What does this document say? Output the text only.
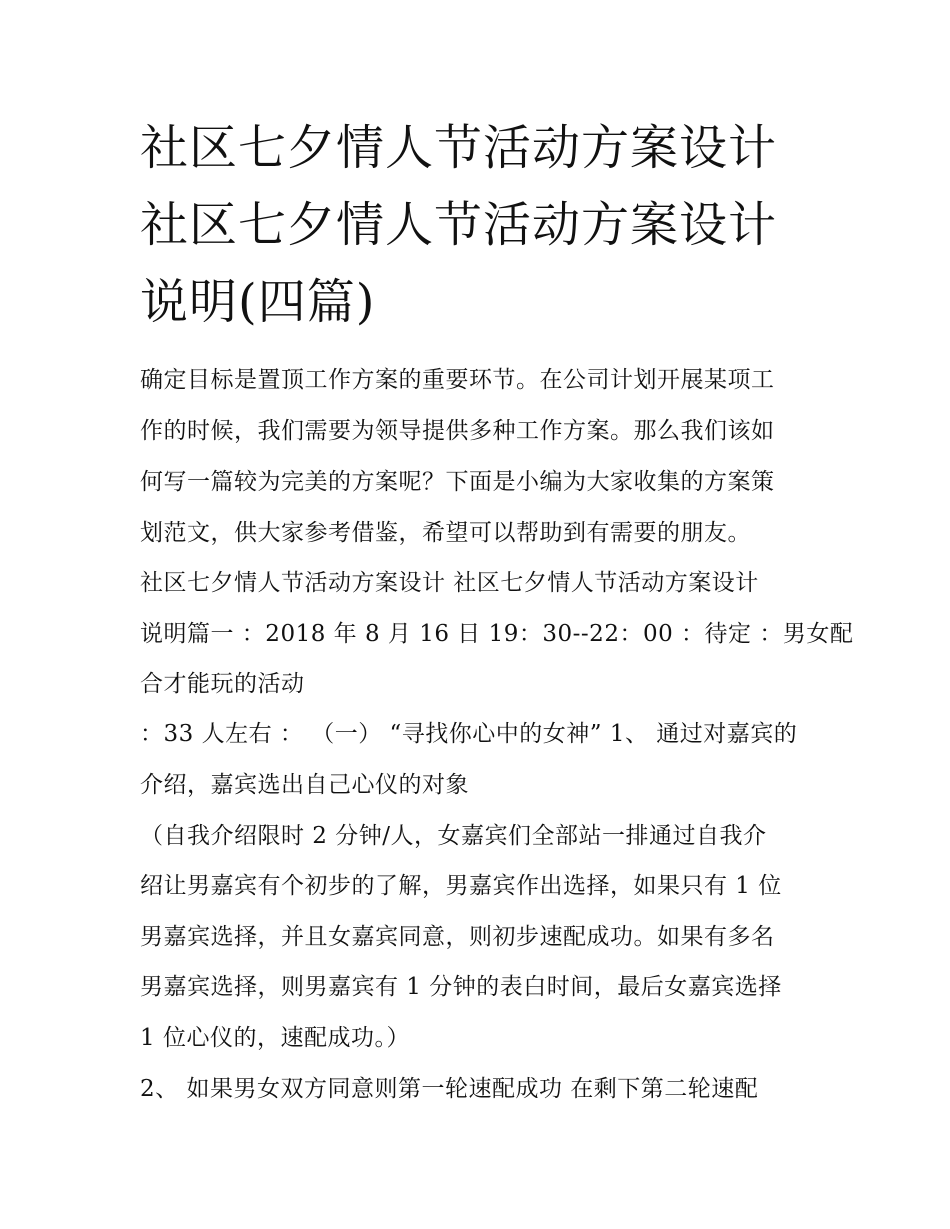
社区七夕情人节活动方案设计
社区七夕情人节活动方案设计
说明(四篇)
确定目标是置顶工作方案的重要环节。在公司计划开展某项工
作的时候，我们需要为领导提供多种工作方案。那么我们该如
何写一篇较为完美的方案呢？下面是小编为大家收集的方案策
划范文，供大家参考借鉴，希望可以帮助到有需要的朋友。
社区七夕情人节活动方案设计 社区七夕情人节活动方案设计
说明篇一 ：2018 年 8 月 16 日 19：30--22：00 ：待定 ：男女配
合才能玩的活动
：33 人左右 ： （一） “寻找你心中的女神” 1、 通过对嘉宾的
介绍，嘉宾选出自己心仪的对象
（自我介绍限时 2 分钟/人，女嘉宾们全部站一排通过自我介
绍让男嘉宾有个初步的了解，男嘉宾作出选择，如果只有 1 位
男嘉宾选择，并且女嘉宾同意，则初步速配成功。如果有多名
男嘉宾选择，则男嘉宾有 1 分钟的表白时间，最后女嘉宾选择
1 位心仪的，速配成功。）
2、 如果男女双方同意则第一轮速配成功 在剩下第二轮速配
